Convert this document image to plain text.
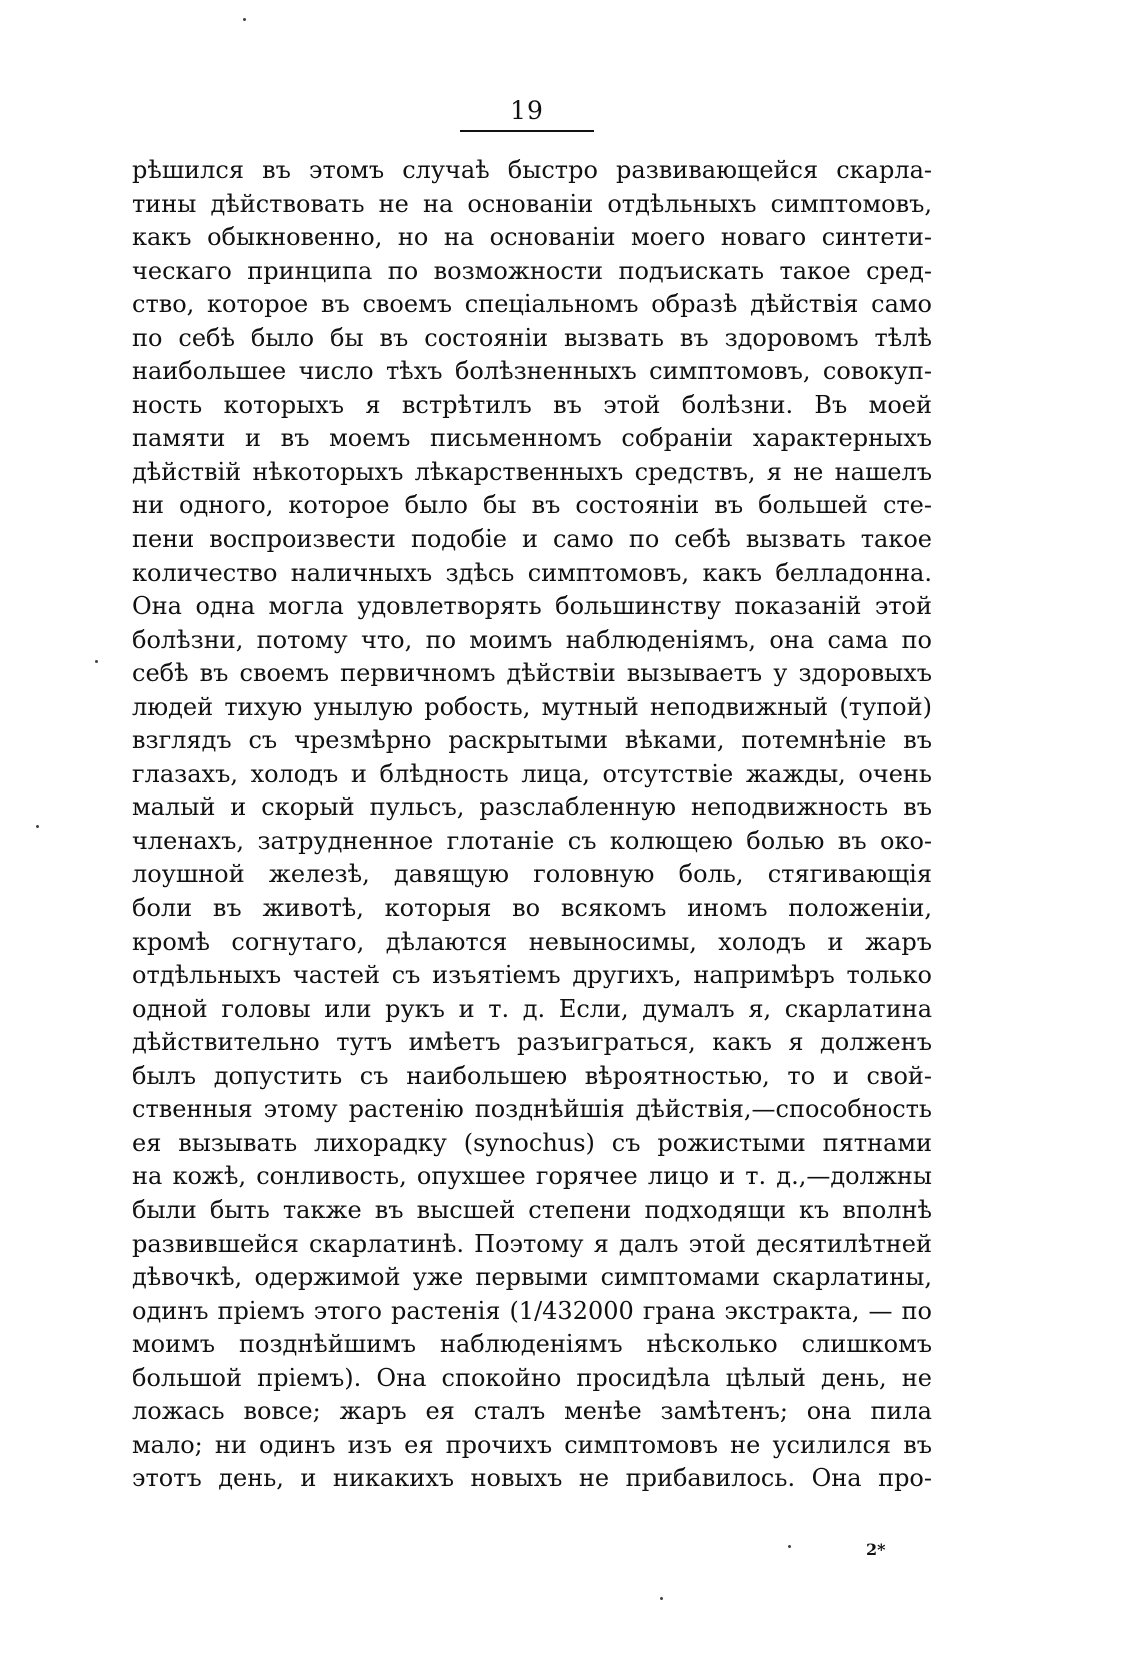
19
рѣшился въ этомъ случаѣ быстро развивающейся скарла-
тины дѣйствовать не на основаніи отдѣльныхъ симптомовъ,
какъ обыкновенно, но на основаніи моего новаго синтети-
ческаго принципа по возможности подъискать такое сред-
ство, которое въ своемъ спеціальномъ образѣ дѣйствія само
по себѣ было бы въ состояніи вызвать въ здоровомъ тѣлѣ
наибольшее число тѣхъ болѣзненныхъ симптомовъ, совокуп-
ность которыхъ я встрѣтилъ въ этой болѣзни. Въ моей
памяти и въ моемъ письменномъ собраніи характерныхъ
дѣйствій нѣкоторыхъ лѣкарственныхъ средствъ, я не нашелъ
ни одного, которое было бы въ состояніи въ большей сте-
пени воспроизвести подобіе и само по себѣ вызвать такое
количество наличныхъ здѣсь симптомовъ, какъ белладонна.
Она одна могла удовлетворять большинству показаній этой
болѣзни, потому что, по моимъ наблюденіямъ, она сама по
себѣ въ своемъ первичномъ дѣйствіи вызываетъ у здоровыхъ
людей тихую унылую робость, мутный неподвижный (тупой)
взглядъ съ чрезмѣрно раскрытыми вѣками, потемнѣніе въ
глазахъ, холодъ и блѣдность лица, отсутствіе жажды, очень
малый и скорый пульсъ, разслабленную неподвижность въ
членахъ, затрудненное глотаніе съ колющею болью въ око-
лоушной железѣ, давящую головную боль, стягивающія
боли въ животѣ, которыя во всякомъ иномъ положеніи,
кромѣ согнутаго, дѣлаются невыносимы, холодъ и жаръ
отдѣльныхъ частей съ изъятіемъ другихъ, напримѣръ только
одной головы или рукъ и т. д. Если, думалъ я, скарлатина
дѣйствительно тутъ имѣетъ разъиграться, какъ я долженъ
былъ допустить съ наибольшею вѣроятностью, то и свой-
ственныя этому растенію позднѣйшія дѣйствія,—способность
ея вызывать лихорадку (synochus) съ рожистыми пятнами
на кожѣ, сонливость, опухшее горячее лицо и т. д.,—должны
были быть также въ высшей степени подходящи къ вполнѣ
развившейся скарлатинѣ. Поэтому я далъ этой десятилѣтней
дѣвочкѣ, одержимой уже первыми симптомами скарлатины,
одинъ пріемъ этого растенія (1/432000 грана экстракта, — по
моимъ позднѣйшимъ наблюденіямъ нѣсколько слишкомъ
большой пріемъ). Она спокойно просидѣла цѣлый день, не
ложась вовсе; жаръ ея сталъ менѣе замѣтенъ; она пила
мало; ни одинъ изъ ея прочихъ симптомовъ не усилился въ
этотъ день, и никакихъ новыхъ не прибавилось. Она про-
2*
